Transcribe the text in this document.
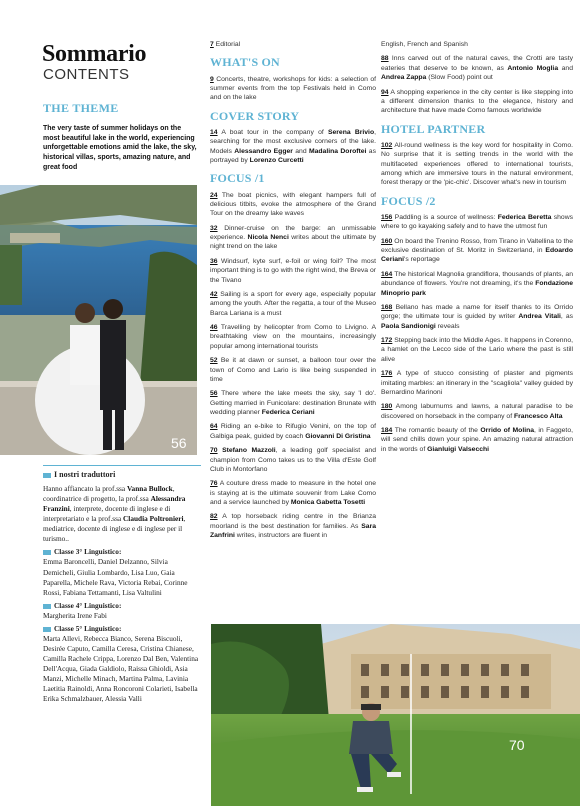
Sommario
CONTENTS
THE THEME
The very taste of summer holidays on the most beautiful lake in the world, experiencing unforgettable emotions amid the lake, the sky, historical villas, sports, amazing nature, and great food
56
I nostri traduttori
Hanno affiancato la prof.ssa Vanna Bullock, coordinatrice di progetto, la prof.ssa Alessandra Franzini, interprete, docente di inglese e di interpretariato e la prof.ssa Claudia Poltronieri, mediatrice, docente di inglese e di inglese per il turismo..
Classe 3° Linguistico:
Emma Baroncelli, Daniel Delzanno, Silvia Demicheli, Giulia Lombardo, Lisa Luo, Gaia Paparella, Michele Rava, Victoria Rebai, Corinne Rossi, Fabiana Tettamanti, Lisa Valtulini
Classe 4° Linguistico:
Margherita Irene Fabi
Classe 5° Linguistico:
Marta Allevi, Rebecca Bianco, Serena Biscuoli, Desirée Caputo, Camilla Ceresa, Cristina Chianese, Camilla Rachele Crippa, Lorenzo Dal Ben, Valentina Dell'Acqua, Giada Galdiolo, Raissa Ghioldi, Asia Manzi, Michelle Minach, Martina Palma, Lavinia Laetitia Rainoldi, Anna Roncoroni Colarieti, Isabella Erika Schmalzbauer, Alessia Valli
7 Editorial
WHAT'S ON
9 Concerts, theatre, workshops for kids: a selection of summer events from the top Festivals held in Como and on the lake
COVER STORY
14 A boat tour in the company of Serena Brivio, searching for the most exclusive corners of the lake. Models Alessandro Egger and Madalina Doroftei as portrayed by Lorenzo Curcetti
FOCUS /1
24 The boat picnics, with elegant hampers full of delicious titbits, evoke the atmosphere of the Grand Tour on the dreamy lake waves
32 Dinner-cruise on the barge: an unmissable experience. Nicola Nenci writes about the ultimate by night trend on the lake
36 Windsurf, kyte surf, e-foil or wing foil? The most important thing is to go with the right wind, the Breva or the Tivano
42 Sailing is a sport for every age, especially popular among the youth. After the regatta, a tour of the Museo Barca Lariana is a must
46 Travelling by helicopter from Como to Livigno. A breathtaking view on the mountains, increasingly popular among international tourists
52 Be it at dawn or sunset, a balloon tour over the town of Como and Lario is like being suspended in time
56 There where the lake meets the sky, say 'I do'. Getting married in Funicolare: destination Brunate with wedding planner Federica Ceriani
64 Riding an e-bike to Rifugio Venini, on the top of Galbiga peak, guided by coach Giovanni Di Gristina
70 Stefano Mazzoli, a leading golf specialist and champion from Como takes us to the Villa d'Este Golf Club in Montorfano
76 A couture dress made to measure in the hotel one is staying at is the ultimate souvenir from Lake Como and a service launched by Monica Gabetta Tosetti
82 A top horseback riding centre in the Brianza moorland is the best destination for families. As Sara Zanfrini writes, instructors are fluent in
English, French and Spanish
88 Inns carved out of the natural caves, the Crotti are tasty eateries that deserve to be known, as Antonio Moglia and Andrea Zappa (Slow Food) point out
94 A shopping experience in the city center is like stepping into a different dimension thanks to the elegance, history and architecture that have made Como famous worldwide
HOTEL PARTNER
102 All-round wellness is the key word for hospitality in Como. No surprise that it is setting trends in the world with the multifaceted experiences offered to international tourists, among which are immersive tours in the natural environment, forest therapy or the 'pic-chic'. Discover what's new in tourism
FOCUS /2
156 Paddling is a source of wellness: Federica Beretta shows where to go kayaking safely and to have the utmost fun
160 On board the Trenino Rosso, from Tirano in Valtellina to the exclusive destination of St. Moritz in Switzerland, in Edoardo Ceriani's reportage
164 The historical Magnolia grandiflora, thousands of plants, an abundance of flowers. You're not dreaming, it's the Fondazione Minoprio park
168 Bellano has made a name for itself thanks to its Orrido gorge; the ultimate tour is guided by writer Andrea Vitali, as Paola Sandionigi reveals
172 Stepping back into the Middle Ages. It happens in Corenno, a hamlet on the Lecco side of the Lario where the past is still alive
176 A type of stucco consisting of plaster and pigments imitating marbles: an itinerary in the "scagliola" valley guided by Bernardino Marinoni
180 Among laburnums and lawns, a natural paradise to be discovered on horseback in the company of Francesco Alta
184 The romantic beauty of the Orrido of Molina, in Faggeto, will send chills down your spine. An amazing natural attraction in the words of Gianluigi Valsecchi
70
